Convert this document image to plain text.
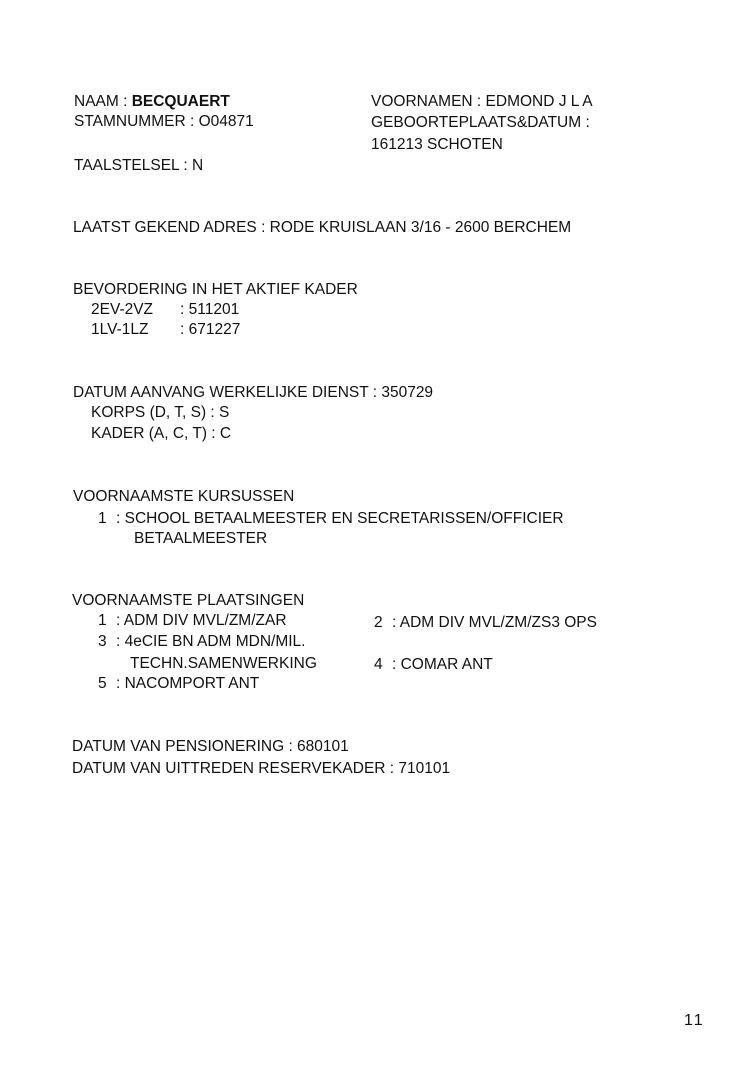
NAAM : BECQUAERT
STAMNUMMER : O04871
VOORNAMEN : EDMOND J L A
GEBOORTEPLAATS&DATUM :
161213 SCHOTEN
TAALSTELSEL : N
LAATST GEKEND ADRES : RODE KRUISLAAN 3/16 - 2600 BERCHEM
BEVORDERING IN HET AKTIEF KADER
2EV-2VZ : 511201
1LV-1LZ : 671227
DATUM AANVANG WERKELIJKE DIENST : 350729
KORPS (D, T, S) : S
KADER (A, C, T) : C
VOORNAAMSTE KURSUSSEN
1 : SCHOOL BETAALMEESTER EN SECRETARISSEN/OFFICIER
BETAALMEESTER
VOORNAAMSTE PLAATSINGEN
1 : ADM DIV MVL/ZM/ZAR	2 : ADM DIV MVL/ZM/ZS3 OPS
3 : 4eCIE BN ADM MDN/MIL.
TECHN.SAMENWERKING	4 : COMAR ANT
5 : NACOMPORT ANT
DATUM VAN PENSIONERING : 680101
DATUM VAN UITTREDEN RESERVEKADER : 710101
11
